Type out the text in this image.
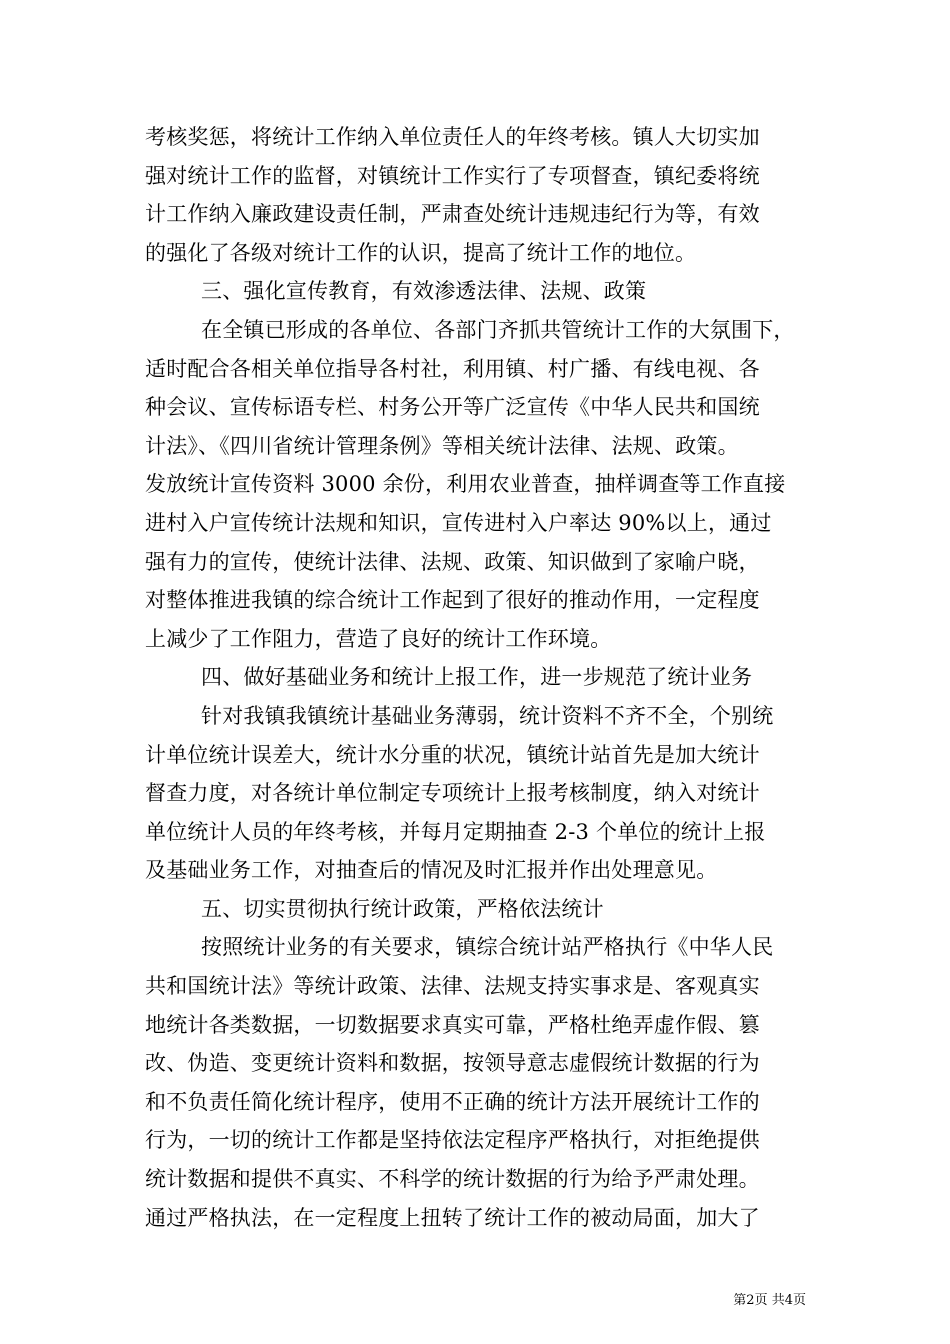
考核奖惩，将统计工作纳入单位责任人的年终考核。镇人大切实加
强对统计工作的监督，对镇统计工作实行了专项督查，镇纪委将统
计工作纳入廉政建设责任制，严肃查处统计违规违纪行为等，有效
的强化了各级对统计工作的认识，提高了统计工作的地位。
三、强化宣传教育，有效渗透法律、法规、政策
在全镇已形成的各单位、各部门齐抓共管统计工作的大氛围下，
适时配合各相关单位指导各村社，利用镇、村广播、有线电视、各
种会议、宣传标语专栏、村务公开等广泛宣传《中华人民共和国统
计法》、《四川省统计管理条例》等相关统计法律、法规、政策。
发放统计宣传资料 3000 余份，利用农业普查，抽样调查等工作直接
进村入户宣传统计法规和知识，宣传进村入户率达 90%以上，通过
强有力的宣传，使统计法律、法规、政策、知识做到了家喻户晓，
对整体推进我镇的综合统计工作起到了很好的推动作用，一定程度
上减少了工作阻力，营造了良好的统计工作环境。
四、做好基础业务和统计上报工作，进一步规范了统计业务
针对我镇我镇统计基础业务薄弱，统计资料不齐不全，个别统
计单位统计误差大，统计水分重的状况，镇统计站首先是加大统计
督查力度，对各统计单位制定专项统计上报考核制度，纳入对统计
单位统计人员的年终考核，并每月定期抽查 2-3 个单位的统计上报
及基础业务工作，对抽查后的情况及时汇报并作出处理意见。
五、切实贯彻执行统计政策，严格依法统计
按照统计业务的有关要求，镇综合统计站严格执行《中华人民
共和国统计法》等统计政策、法律、法规支持实事求是、客观真实
地统计各类数据，一切数据要求真实可靠，严格杜绝弄虚作假、篡
改、伪造、变更统计资料和数据，按领导意志虚假统计数据的行为
和不负责任简化统计程序，使用不正确的统计方法开展统计工作的
行为，一切的统计工作都是坚持依法定程序严格执行，对拒绝提供
统计数据和提供不真实、不科学的统计数据的行为给予严肃处理。
通过严格执法，在一定程度上扭转了统计工作的被动局面，加大了
第2页 共4页
